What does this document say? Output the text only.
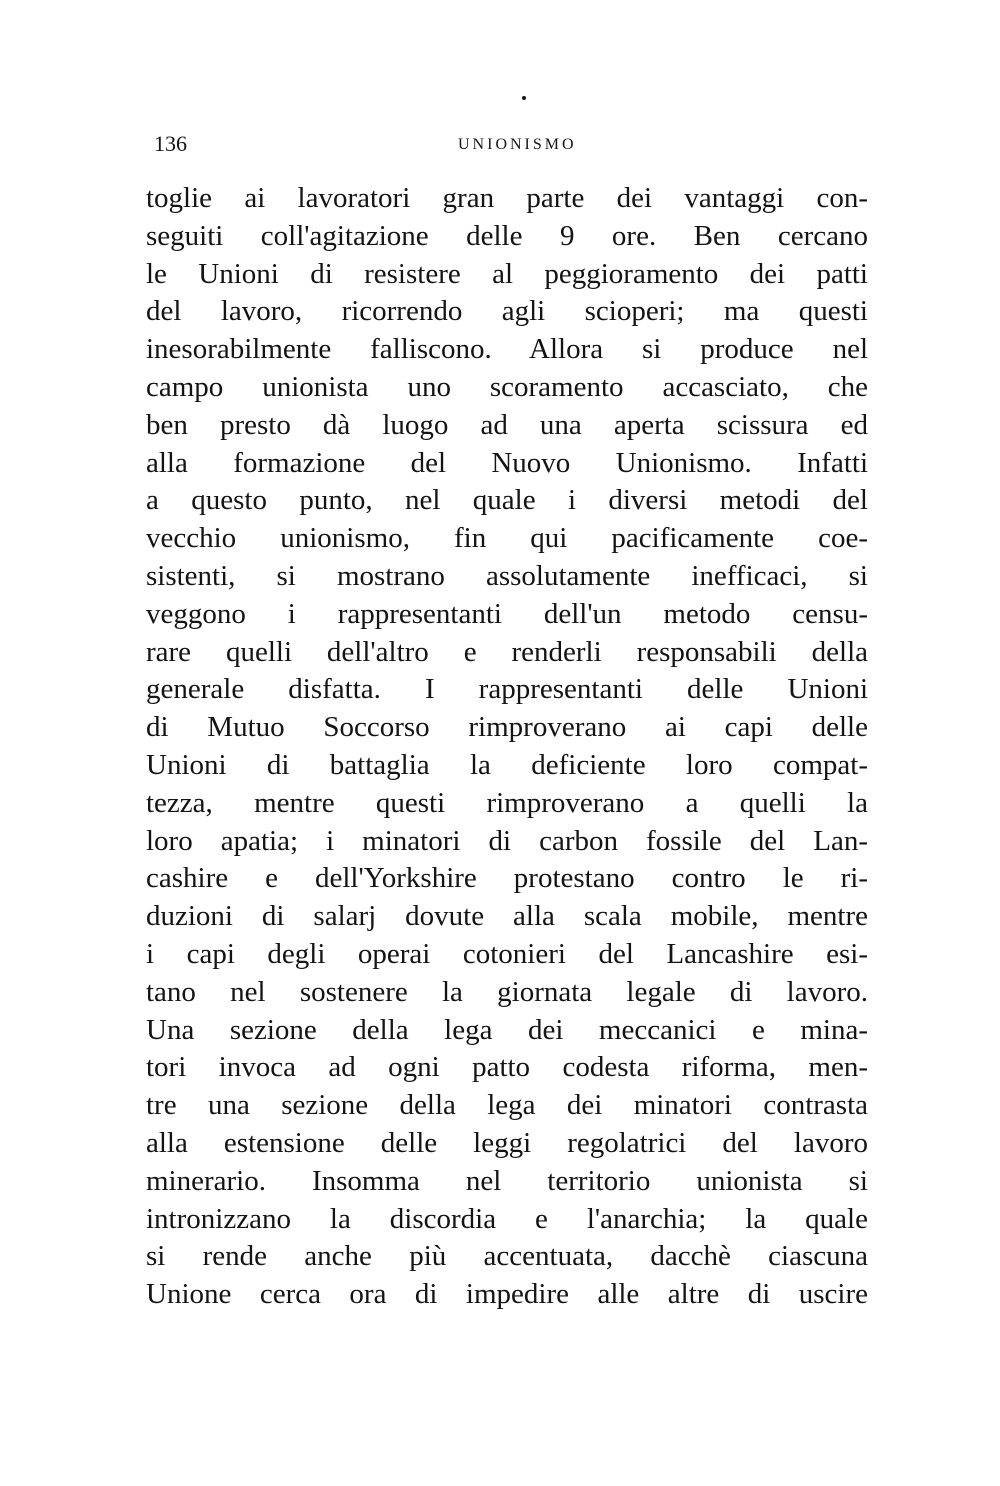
136	UNIONISMO
toglie ai lavoratori gran parte dei vantaggi con-
seguiti coll'agitazione delle 9 ore. Ben cercano
le Unioni di resistere al peggioramento dei patti
del lavoro, ricorrendo agli scioperi; ma questi
inesorabilmente falliscono. Allora si produce nel
campo unionista uno scoramento accasciato, che
ben presto dà luogo ad una aperta scissura ed
alla formazione del Nuovo Unionismo. Infatti
a questo punto, nel quale i diversi metodi del
vecchio unionismo, fin qui pacificamente coe-
sistenti, si mostrano assolutamente inefficaci, si
veggono i rappresentanti dell'un metodo censu-
rare quelli dell'altro e renderli responsabili della
generale disfatta. I rappresentanti delle Unioni
di Mutuo Soccorso rimproverano ai capi delle
Unioni di battaglia la deficiente loro compat-
tezza, mentre questi rimproverano a quelli la
loro apatia; i minatori di carbon fossile del Lan-
cashire e dell'Yorkshire protestano contro le ri-
duzioni di salarj dovute alla scala mobile, mentre
i capi degli operai cotonieri del Lancashire esi-
tano nel sostenere la giornata legale di lavoro.
Una sezione della lega dei meccanici e mina-
tori invoca ad ogni patto codesta riforma, men-
tre una sezione della lega dei minatori contrasta
alla estensione delle leggi regolatrici del lavoro
minerario. Insomma nel territorio unionista si
intronizzano la discordia e l'anarchia; la quale
si rende anche più accentuata, dacchè ciascuna
Unione cerca ora di impedire alle altre di uscire
